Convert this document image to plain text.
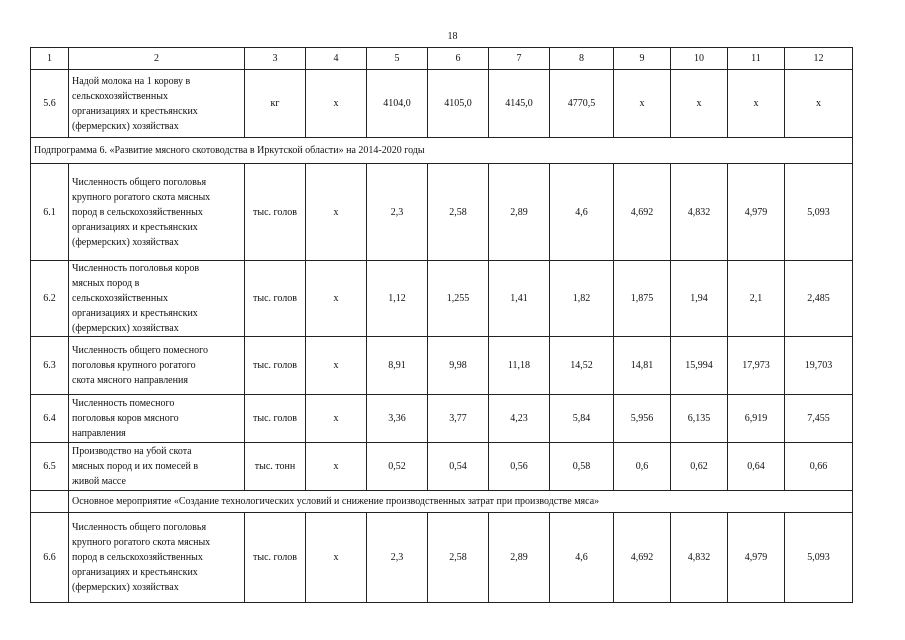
18
1	2	3	4	5	6	7	8	9	10	11	12
5.6	Надой молока на 1 корову в
сельскохозяйственных
организациях и крестьянских
(фермерских) хозяйствах	кг	х	4104,0	4105,0	4145,0	4770,5	х	х	х	х
Подпрограмма 6. «Развитие мясного скотоводства в Иркутской области» на 2014-2020 годы											
6.1	Численность общего поголовья
крупного рогатого скота мясных
пород в сельскохозяйственных
организациях и крестьянских
(фермерских) хозяйствах	тыс. голов	х	2,3	2,58	2,89	4,6	4,692	4,832	4,979	5,093
6.2	Численность поголовья коров
мясных пород в
сельскохозяйственных
организациях и крестьянских
(фермерских) хозяйствах	тыс. голов	х	1,12	1,255	1,41	1,82	1,875	1,94	2,1	2,485
6.3	Численность общего помесного
поголовья крупного рогатого
скота мясного направления	тыс. голов	х	8,91	9,98	11,18	14,52	14,81	15,994	17,973	19,703
6.4	Численность помесного
поголовья коров мясного
направления	тыс. голов	х	3,36	3,77	4,23	5,84	5,956	6,135	6,919	7,455
6.5	Производство на убой скота
мясных пород и их помесей в
живой массе	тыс. тонн	х	0,52	0,54	0,56	0,58	0,6	0,62	0,64	0,66
	Основное мероприятие «Создание технологических условий и снижение производственных затрат при производстве мяса»										
6.6	Численность общего поголовья
крупного рогатого скота мясных
пород в сельскохозяйственных
организациях и крестьянских
(фермерских) хозяйствах	тыс. голов	х	2,3	2,58	2,89	4,6	4,692	4,832	4,979	5,093
